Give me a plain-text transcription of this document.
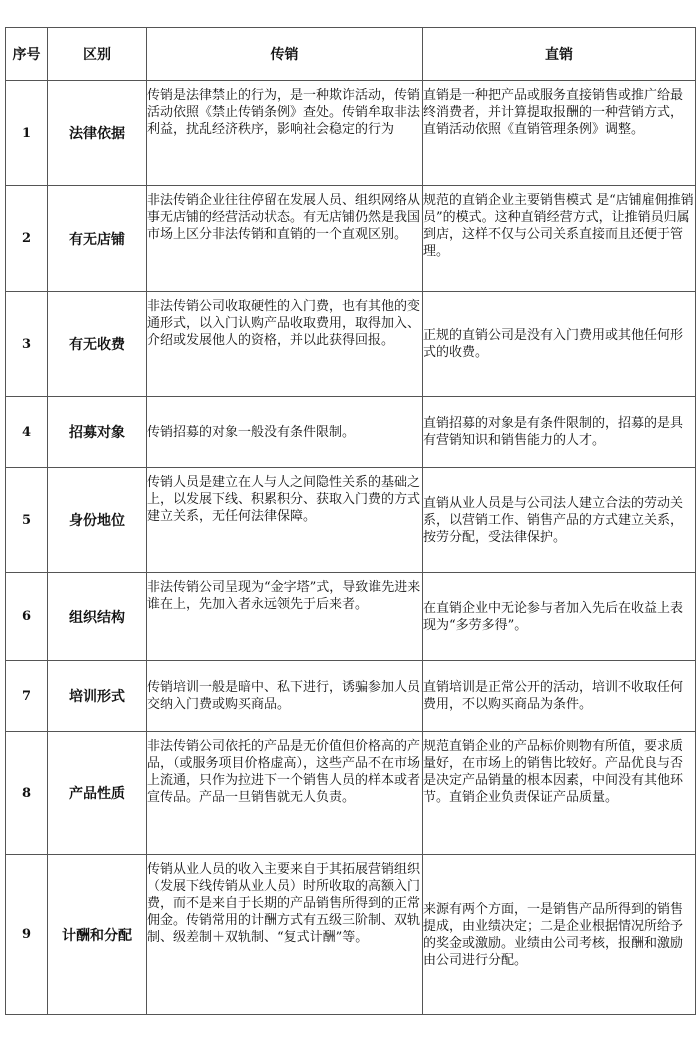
序号	区别	传销	直销
1	法律依据	传销是法律禁止的行为，是一种欺诈活动，传销活动依照《禁止传销条例》查处。传销牟取非法利益，扰乱经济秩序，影响社会稳定的行为	直销是一种把产品或服务直接销售或推广给最终消费者，并计算提取报酬的一种营销方式，直销活动依照《直销管理条例》调整。
2	有无店铺	非法传销企业往往停留在发展人员、组织网络从事无店铺的经营活动状态。有无店铺仍然是我国市场上区分非法传销和直销的一个直观区别。	规范的直销企业主要销售模式 是“店铺雇佣推销员”的模式。这种直销经营方式，让推销员归属到店，这样不仅与公司关系直接而且还便于管理。
3	有无收费	非法传销公司收取硬性的入门费，也有其他的变通形式，以入门认购产品收取费用，取得加入、介绍或发展他人的资格，并以此获得回报。	正规的直销公司是没有入门费用或其他任何形式的收费。
4	招募对象	传销招募的对象一般没有条件限制。	直销招募的对象是有条件限制的，招募的是具有营销知识和销售能力的人才。
5	身份地位	传销人员是建立在人与人之间隐性关系的基础之上，以发展下线、积累积分、获取入门费的方式建立关系，无任何法律保障。	直销从业人员是与公司法人建立合法的劳动关系，以营销工作、销售产品的方式建立关系，按劳分配，受法律保护。
6	组织结构	非法传销公司呈现为“金字塔”式，导致谁先进来谁在上，先加入者永远领先于后来者。	在直销企业中无论参与者加入先后在收益上表现为“多劳多得”。
7	培训形式	传销培训一般是暗中、私下进行，诱骗参加人员交纳入门费或购买商品。	直销培训是正常公开的活动，培训不收取任何费用，不以购买商品为条件。
8	产品性质	非法传销公司依托的产品是无价值但价格高的产品，（或服务项目价格虚高），这些产品不在市场上流通，只作为拉进下一个销售人员的样本或者宣传品。产品一旦销售就无人负责。	规范直销企业的产品标价则物有所值，要求质量好，在市场上的销售比较好。产品优良与否是决定产品销量的根本因素，中间没有其他环节。直销企业负责保证产品质量。
9	计酬和分配	传销从业人员的收入主要来自于其拓展营销组织（发展下线传销从业人员）时所收取的高额入门费，而不是来自于长期的产品销售所得到的正常佣金。传销常用的计酬方式有五级三阶制、双轨制、级差制＋双轨制、“复式计酬”等。	来源有两个方面，一是销售产品所得到的销售提成，由业绩决定；二是企业根据情况所给予的奖金或激励。业绩由公司考核，报酬和激励由公司进行分配。
